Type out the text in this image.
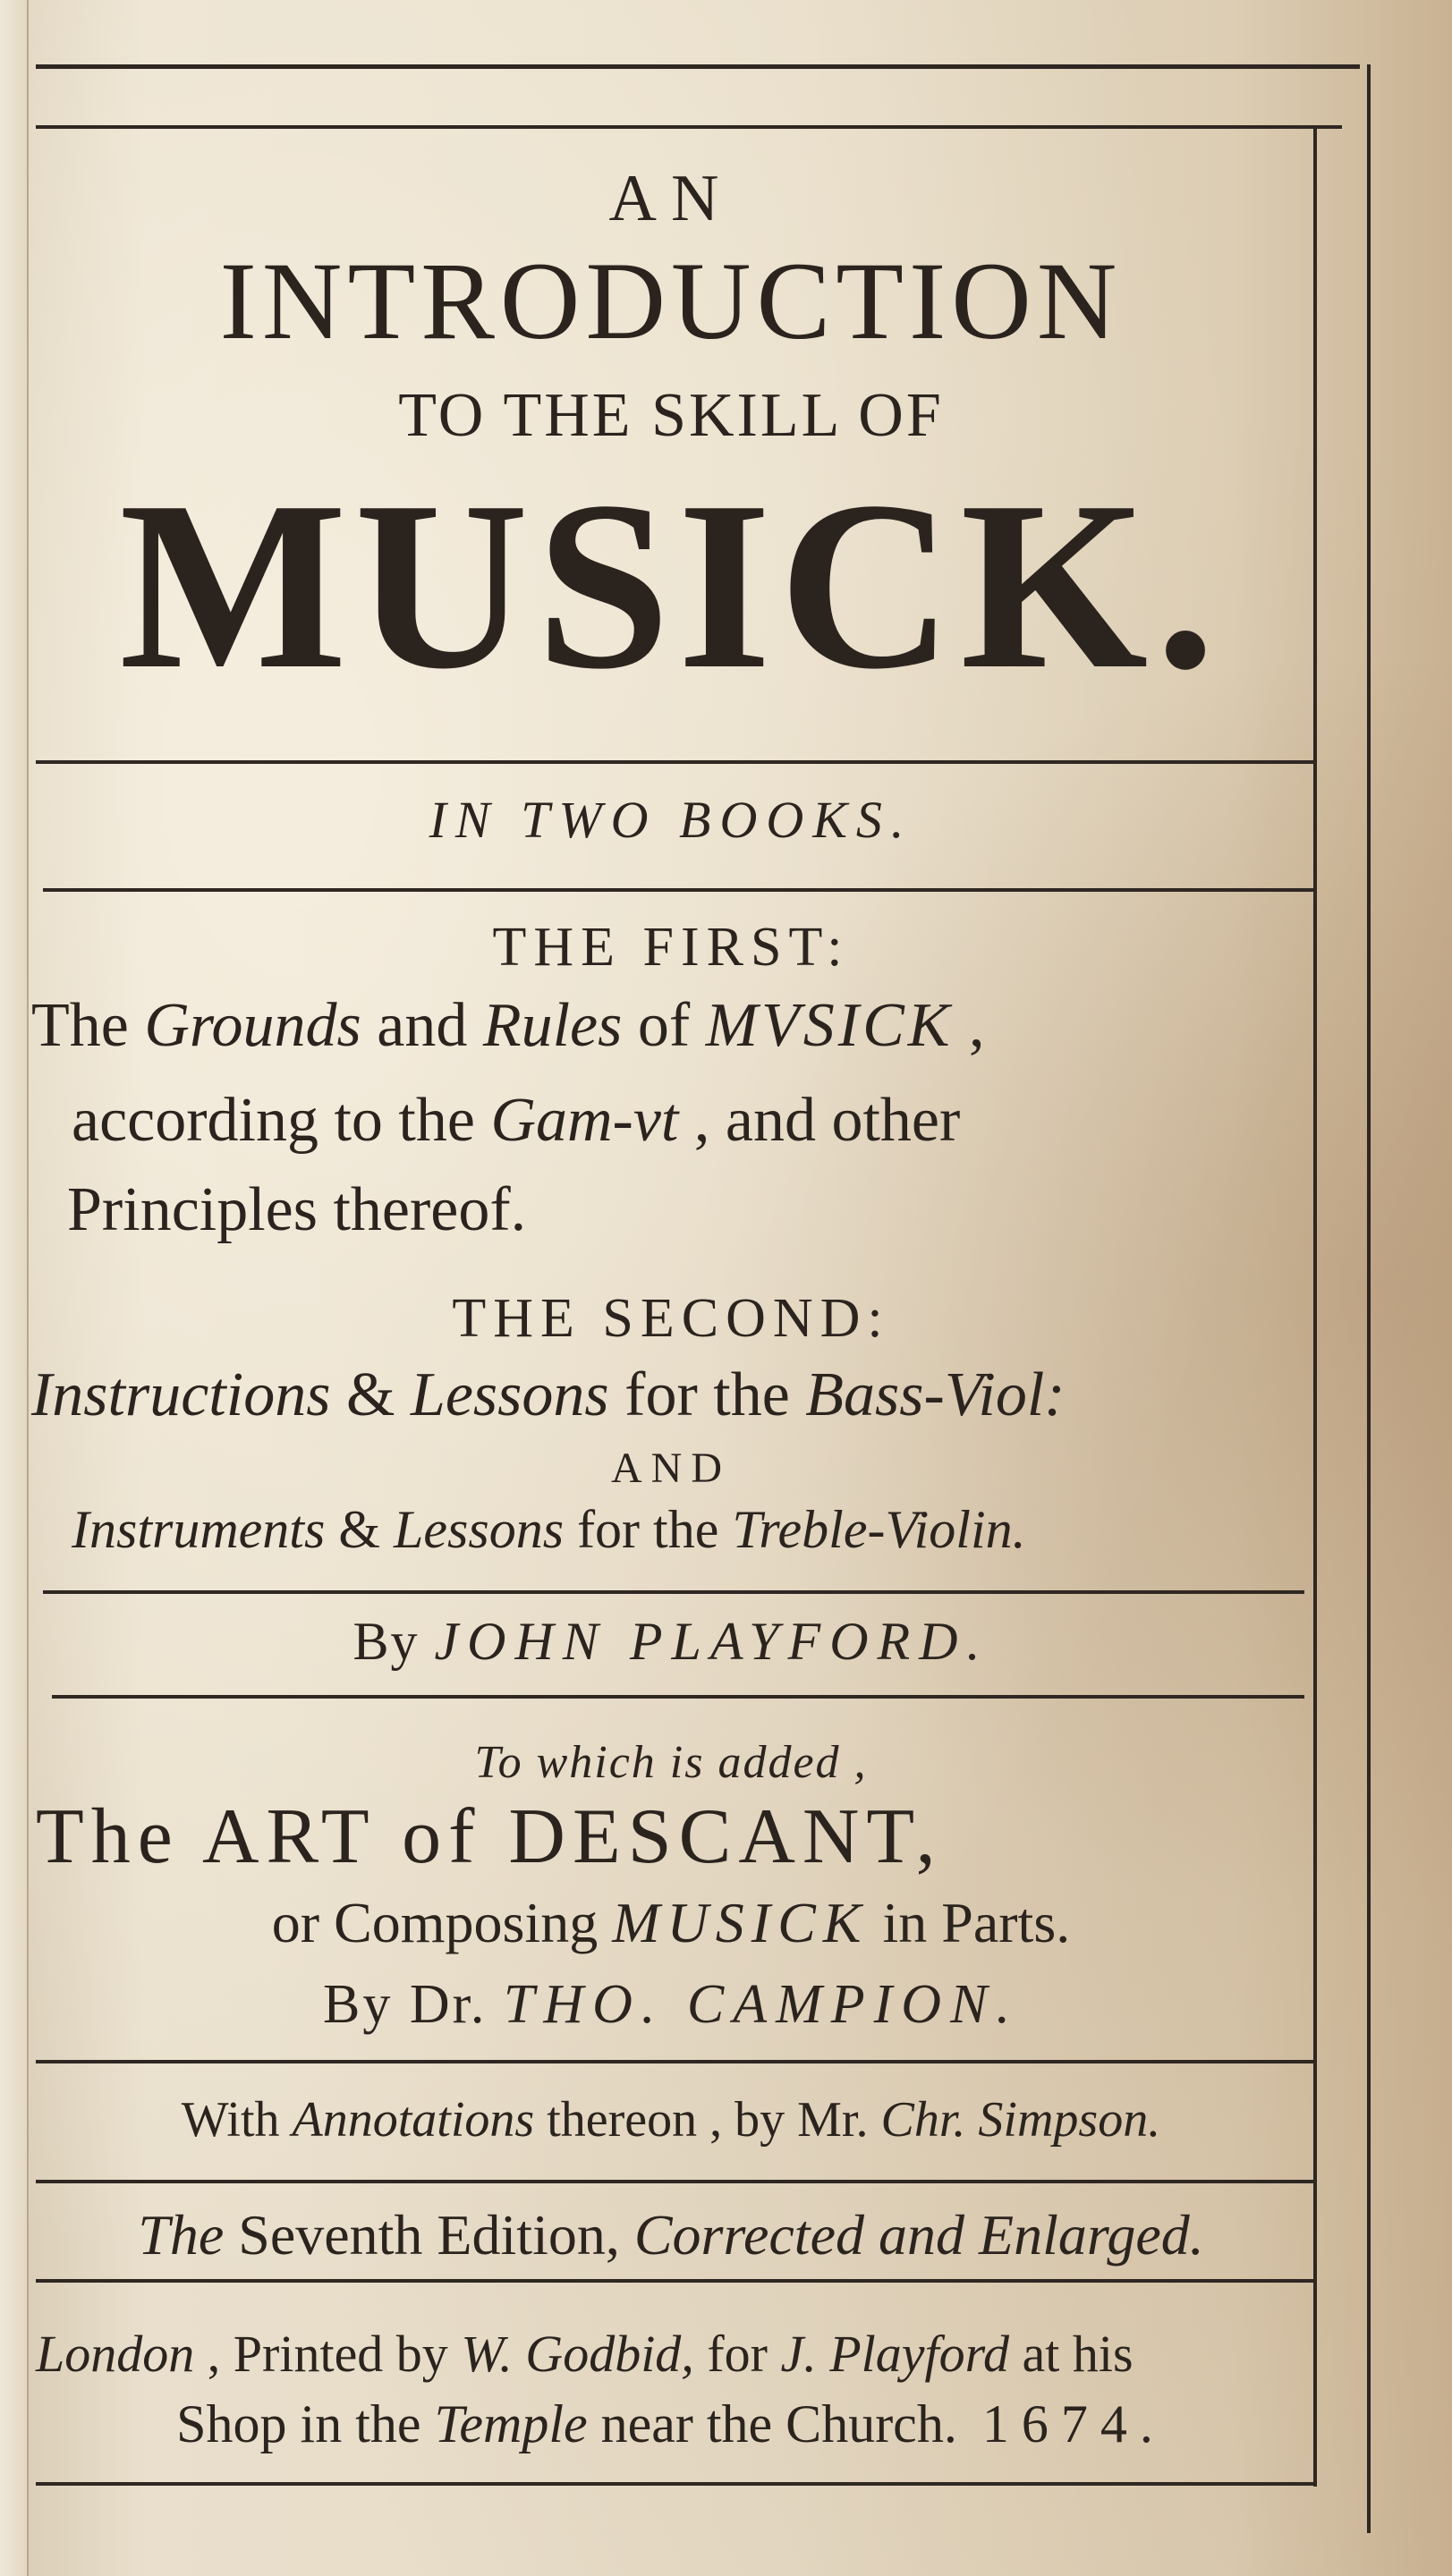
AN
INTRODUCTION
TO THE SKILL OF
MUSICK.
IN TWO BOOKS.
THE FIRST:
The Grounds and Rules of MVSICK ,
according to the Gam-vt , and other
Principles thereof.
THE SECOND:
Instructions & Lessons for the Bass-Viol:
AND
Instruments & Lessons for the Treble-Violin.
By JOHN PLAYFORD.
To which is added ,
The ART of DESCANT,
or Composing MUSICK in Parts.
By Dr. THO. CAMPION.
With Annotations thereon , by Mr. Chr. Simpson.
The Seventh Edition, Corrected and Enlarged.
London , Printed by W. Godbid, for J. Playford at his
Shop in the Temple near the Church. 1674.
